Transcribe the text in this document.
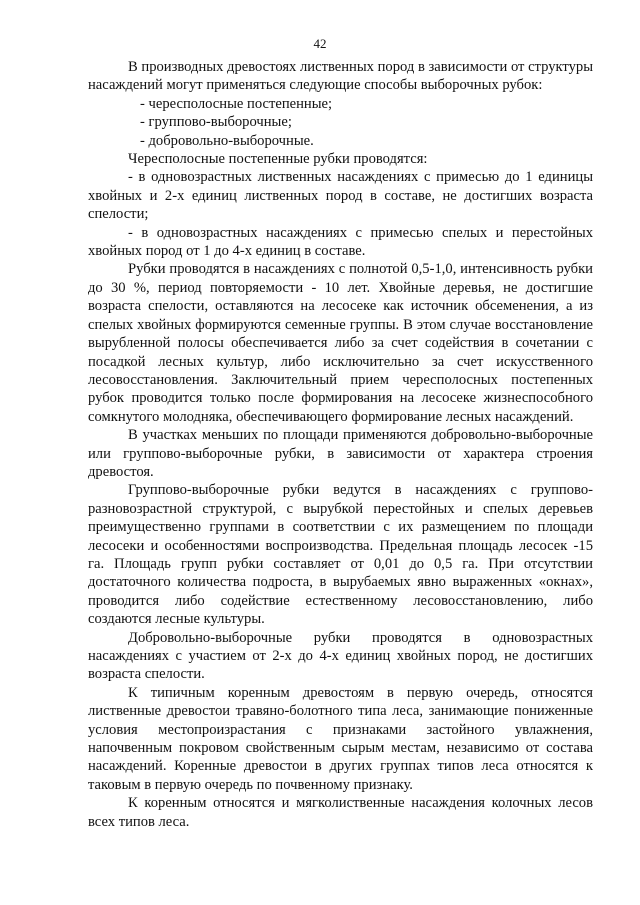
42

В производных древостоях лиственных пород в зависимости от структуры насаждений могут применяться следующие способы выборочных рубок:

- чересполосные постепенные;

- группово-выборочные;

- добровольно-выборочные.

Чересполосные постепенные рубки проводятся:

- в одновозрастных лиственных насаждениях с примесью до 1 единицы хвойных и 2-х единиц лиственных пород в составе, не достигших возраста спелости;

- в одновозрастных насаждениях с примесью спелых и перестойных хвойных пород от 1 до 4-х единиц в составе.

Рубки проводятся в насаждениях с полнотой 0,5-1,0, интенсивность рубки до 30 %, период повторяемости - 10 лет. Хвойные деревья, не достигшие возраста спелости, оставляются на лесосеке как источник обсеменения, а из спелых хвойных формируются семенные группы. В этом случае восстановление вырубленной полосы обеспечивается либо за счет содействия в сочетании с посадкой лесных культур, либо исключительно за счет искусственного лесовосстановления. Заключительный прием чересполосных постепенных рубок проводится только после формирования на лесосеке жизнеспособного сомкнутого молодняка, обеспечивающего формирование лесных насаждений.

В участках меньших по площади применяются добровольно-выборочные или группово-выборочные рубки, в зависимости от характера строения древостоя.

Группово-выборочные рубки ведутся в насаждениях с группово-разновозрастной структурой, с вырубкой перестойных и спелых деревьев преимущественно группами в соответствии с их размещением по площади лесосеки и особенностями воспроизводства. Предельная площадь лесосек -15 га. Площадь групп рубки составляет от 0,01 до 0,5 га. При отсутствии достаточного количества подроста, в вырубаемых явно выраженных «окнах», проводится либо содействие естественному лесовосстановлению, либо создаются лесные культуры.

Добровольно-выборочные рубки проводятся в одновозрастных насаждениях с участием от 2-х до 4-х единиц хвойных пород, не достигших возраста спелости.

К типичным коренным древостоям в первую очередь, относятся лиственные древостои травяно-болотного типа леса, занимающие пониженные условия местопроизрастания с признаками застойного увлажнения, напочвенным покровом свойственным сырым местам, независимо от состава насаждений. Коренные древостои в других группах типов леса относятся к таковым в первую очередь по почвенному признаку.

К коренным относятся и мягколиственные насаждения колочных лесов всех типов леса.
